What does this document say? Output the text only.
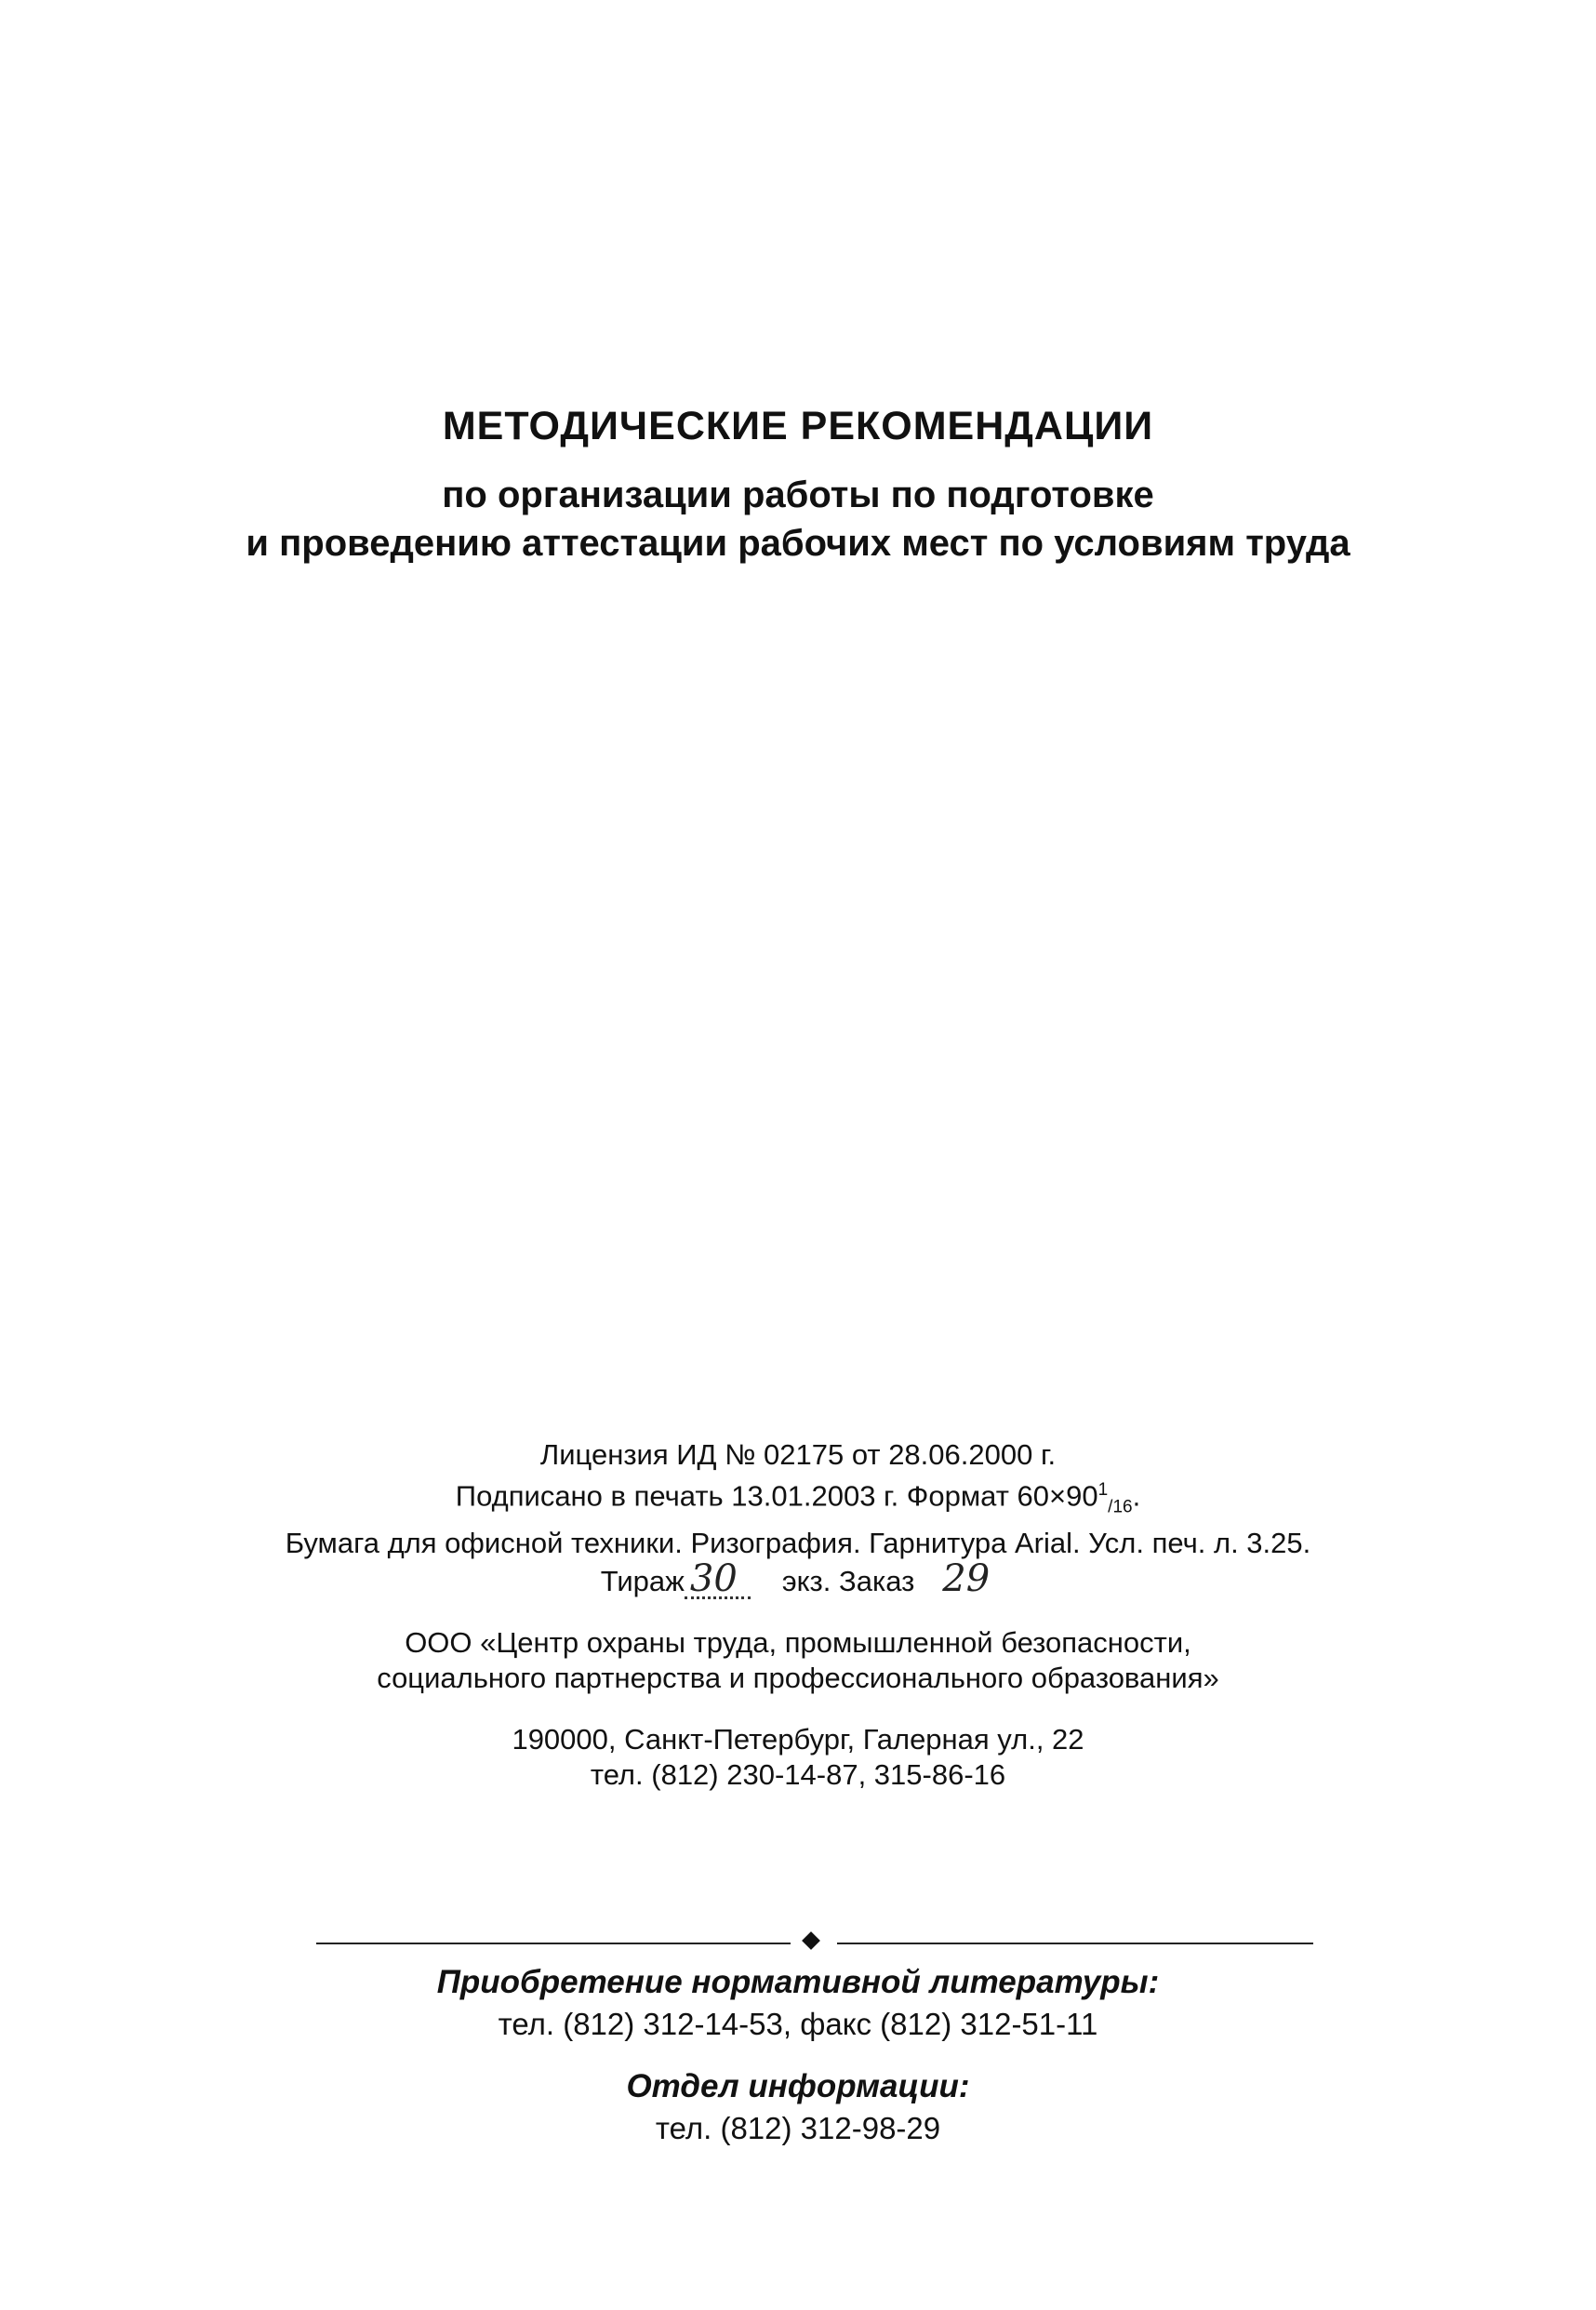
МЕТОДИЧЕСКИЕ РЕКОМЕНДАЦИИ

по организации работы по подготовке
и проведению аттестации рабочих мест по условиям труда

Лицензия ИД № 02175 от 28.06.2000 г.

Подписано в печать 13.01.2003 г. Формат $60\times 90^1_{/16}$.

Бумага для офисной техники. Ризография. Гарнитура Arial. Усл. печ. л. 3.25.

Тираж 30 экз. Заказ 29

ООО «Центр охраны труда, промышленной безопасности,

социального партнерства и профессионального образования»

190000, Санкт-Петербург, Галерная ул., 22

тел. (812) 230-14-87, 315-86-16

Приобретение нормативной литературы:

тел. (812) 312-14-53, факс (812) 312-51-11

Отдел информации:

тел. (812) 312-98-29
